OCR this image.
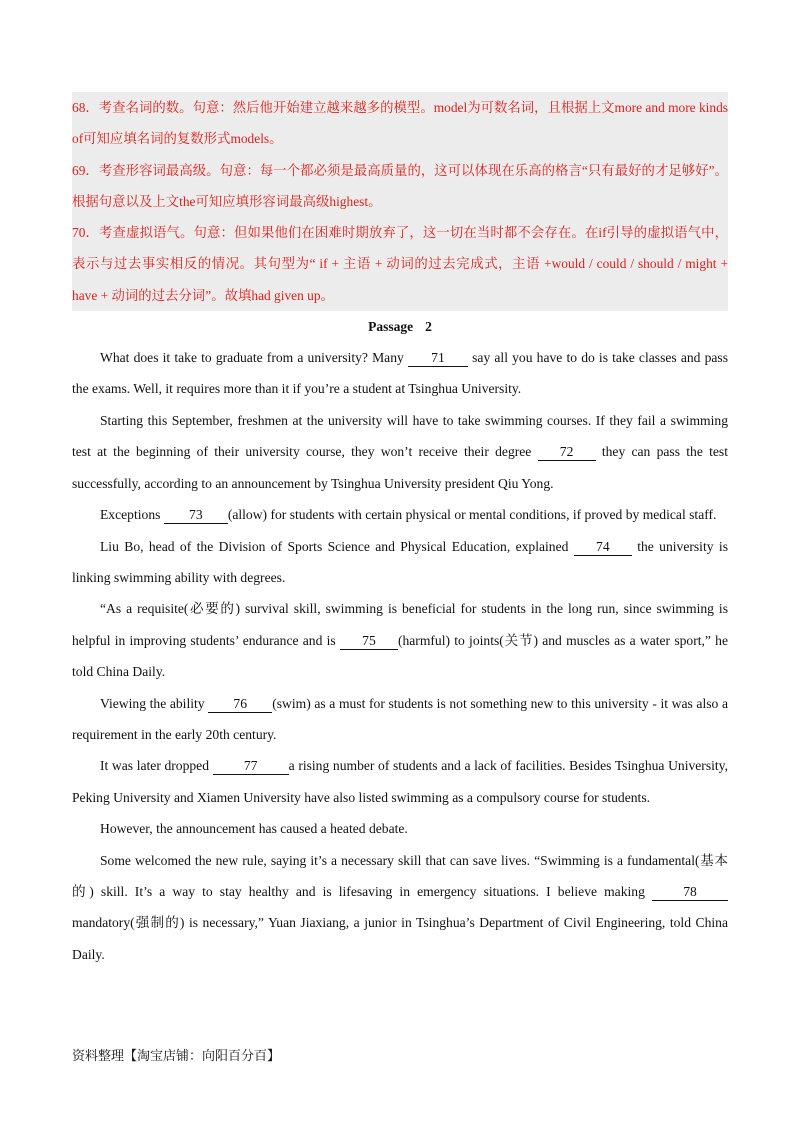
68．考查名词的数。句意：然后他开始建立越来越多的模型。model为可数名词，且根据上文more and more kinds of可知应填名词的复数形式models。

69．考查形容词最高级。句意：每一个都必须是最高质量的，这可以体现在乐高的格言“只有最好的才足够好”。根据句意以及上文the可知应填形容词最高级highest。

70．考查虚拟语气。句意：但如果他们在困难时期放弃了，这一切在当时都不会存在。在if引导的虚拟语气中，表示与过去事实相反的情况。其句型为“ if + 主语 + 动词的过去完成式，主语 +would / could / should / might + have + 动词的过去分词”。故填had given up。

Passage 2

What does it take to graduate from a university? Many 71 say all you have to do is take classes and pass the exams. Well, it requires more than it if you’re a student at Tsinghua University.

Starting this September, freshmen at the university will have to take swimming courses. If they fail a swimming test at the beginning of their university course, they won’t receive their degree 72 they can pass the test successfully, according to an announcement by Tsinghua University president Qiu Yong.

Exceptions 73 (allow) for students with certain physical or mental conditions, if proved by medical staff.

Liu Bo, head of the Division of Sports Science and Physical Education, explained 74 the university is linking swimming ability with degrees.

“As a requisite(必要的) survival skill, swimming is beneficial for students in the long run, since swimming is helpful in improving students’ endurance and is 75 (harmful) to joints(关节) and muscles as a water sport,” he told China Daily.

Viewing the ability 76 (swim) as a must for students is not something new to this university - it was also a requirement in the early 20th century.

It was later dropped	77 a rising number of students and a lack of facilities. Besides Tsinghua University, Peking University and Xiamen University have also listed swimming as a compulsory course for students.

However, the announcement has caused a heated debate.

Some welcomed the new rule, saying it’s a necessary skill that can save lives. “Swimming is a fundamental(基本的) skill. It’s a way to stay healthy and is lifesaving in emergency situations. I believe making	78 mandatory(强制的) is necessary,” Yuan Jiaxiang, a junior in Tsinghua’s Department of Civil Engineering, told China Daily.

资料整理【淘宝店铺：向阳百分百】
